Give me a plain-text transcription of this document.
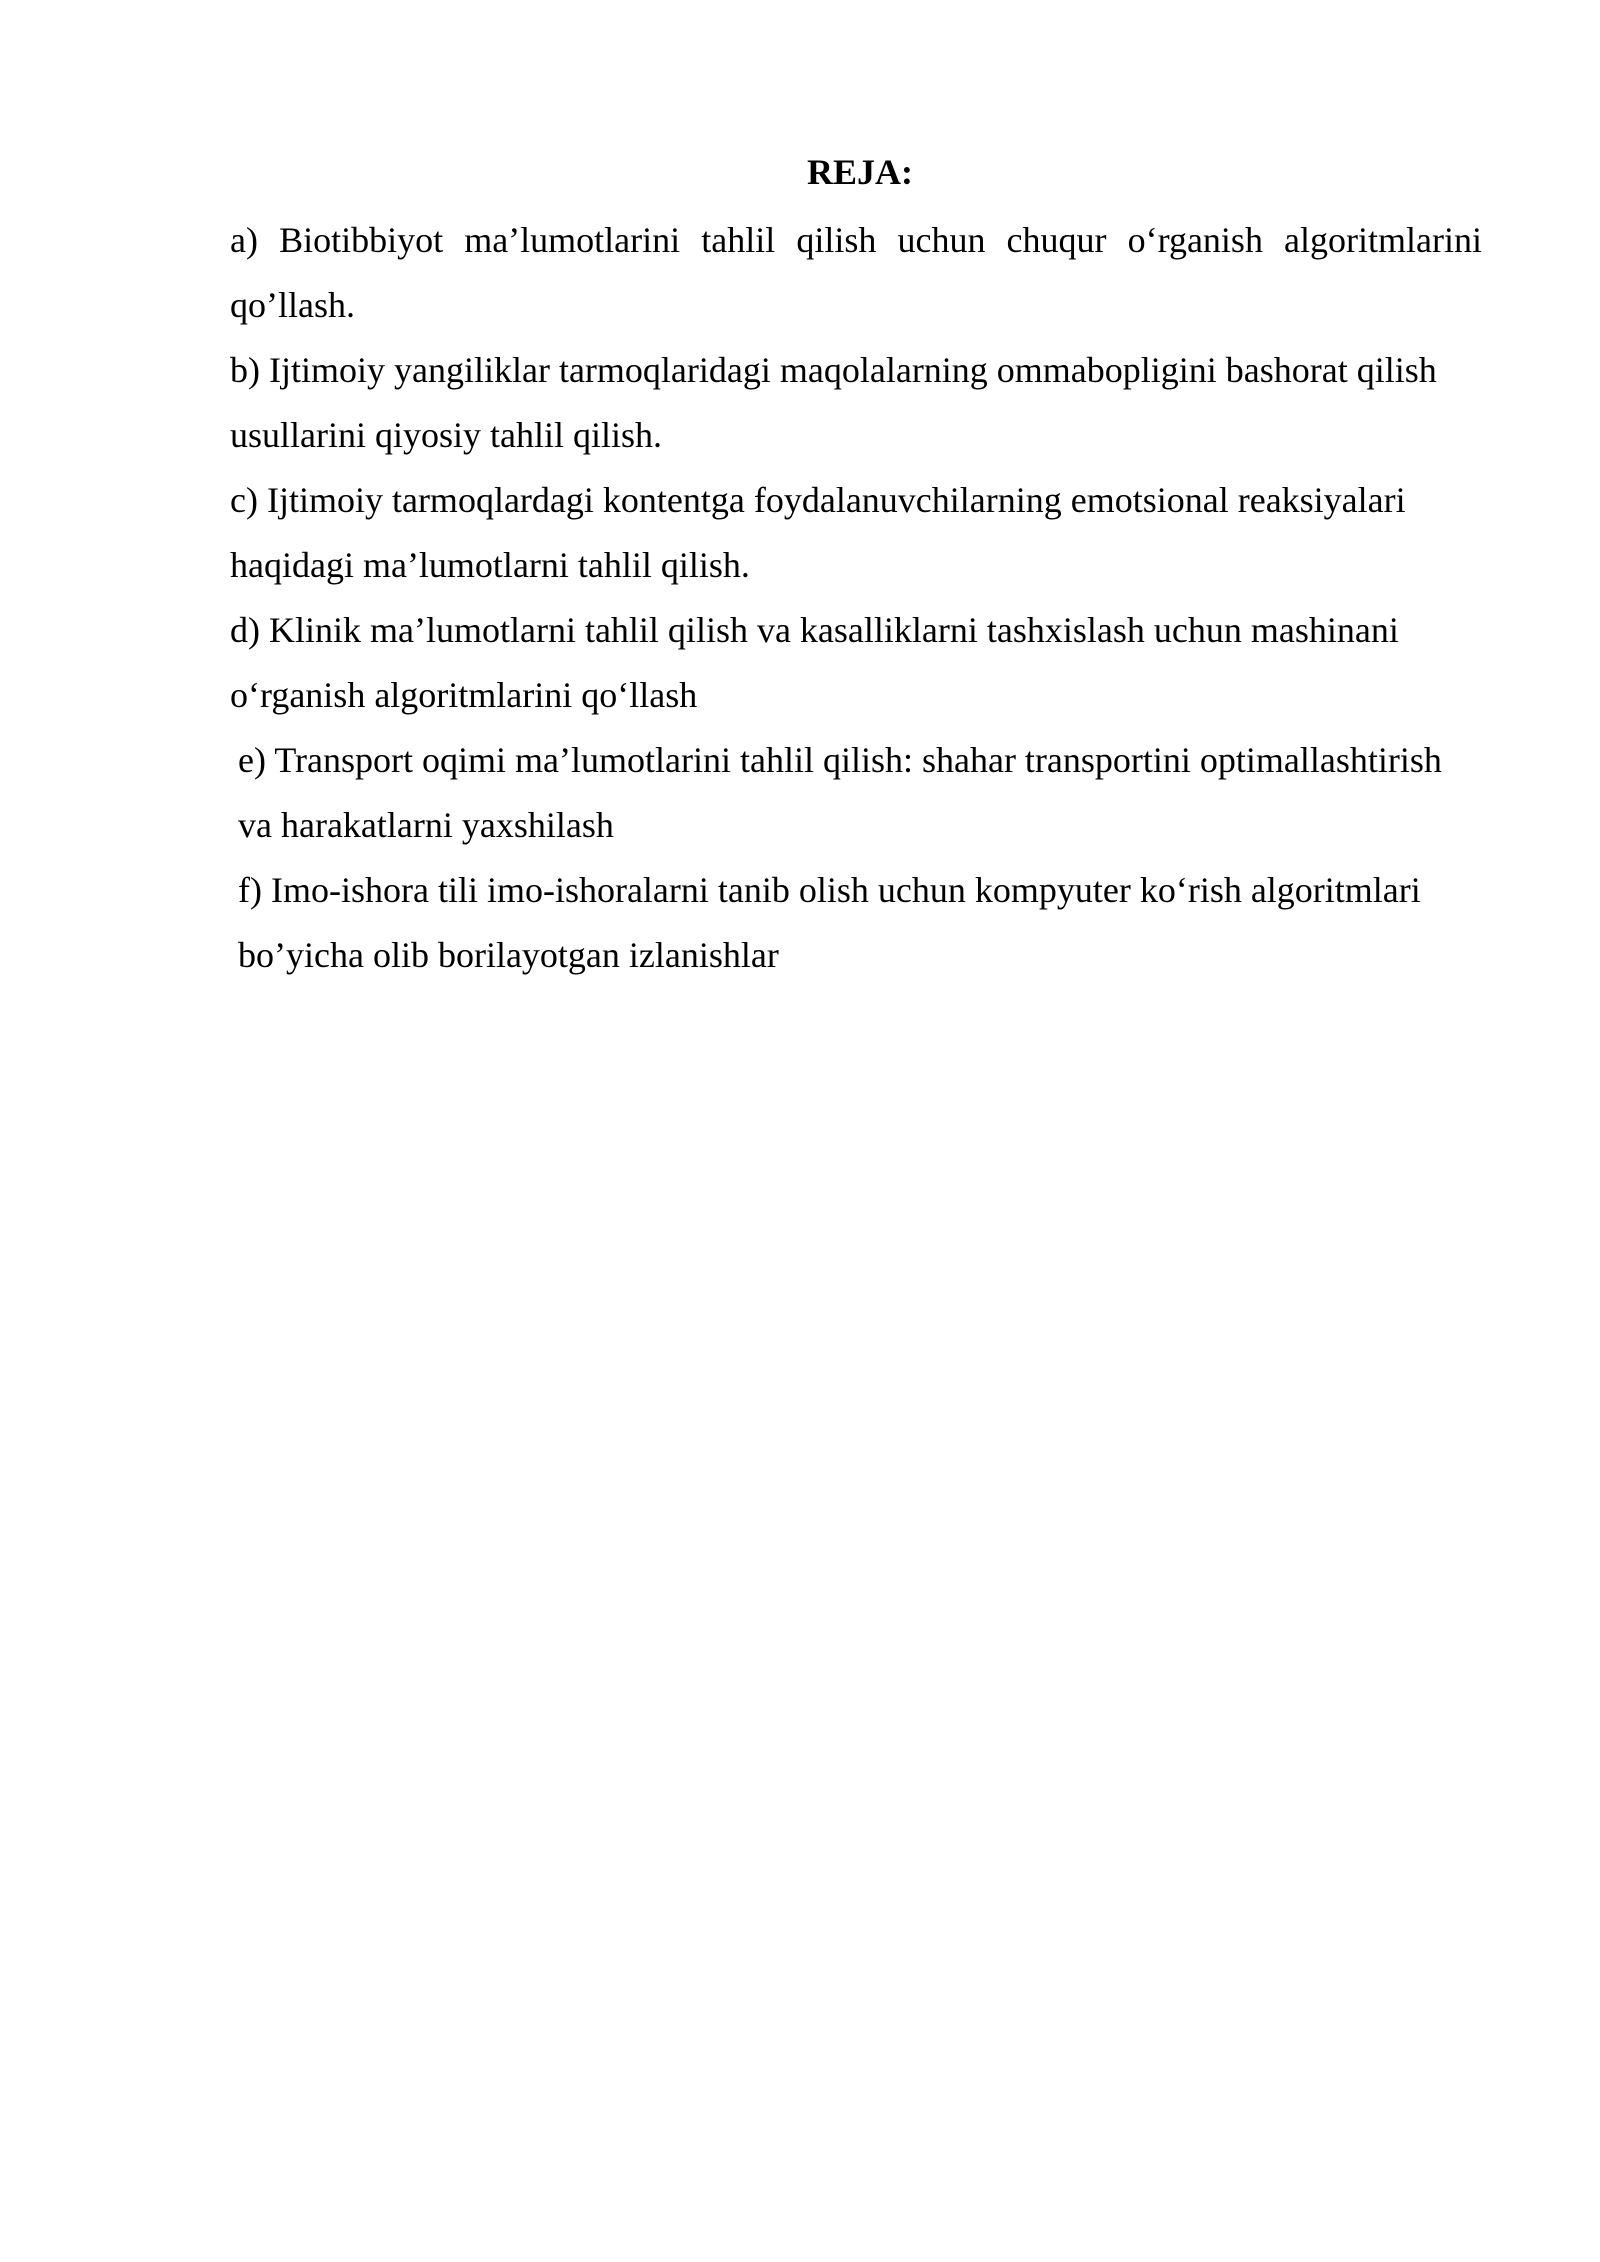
REJA:

a) Biotibbiyot ma’lumotlarini tahlil qilish uchun chuqur o‘rganish algoritmlarini qo’llash.

b) Ijtimoiy yangiliklar tarmoqlaridagi maqolalarning ommabopligini bashorat qilish usullarini qiyosiy tahlil qilish.

c) Ijtimoiy tarmoqlardagi kontentga foydalanuvchilarning emotsional reaksiyalari haqidagi ma’lumotlarni tahlil qilish.

d) Klinik ma’lumotlarni tahlil qilish va kasalliklarni tashxislash uchun mashinani o‘rganish algoritmlarini qo‘llash

e) Transport oqimi ma’lumotlarini tahlil qilish: shahar transportini optimallashtirish va harakatlarni yaxshilash

f) Imo-ishora tili imo-ishoralarni tanib olish uchun kompyuter ko‘rish algoritmlari bo’yicha olib borilayotgan izlanishlar
